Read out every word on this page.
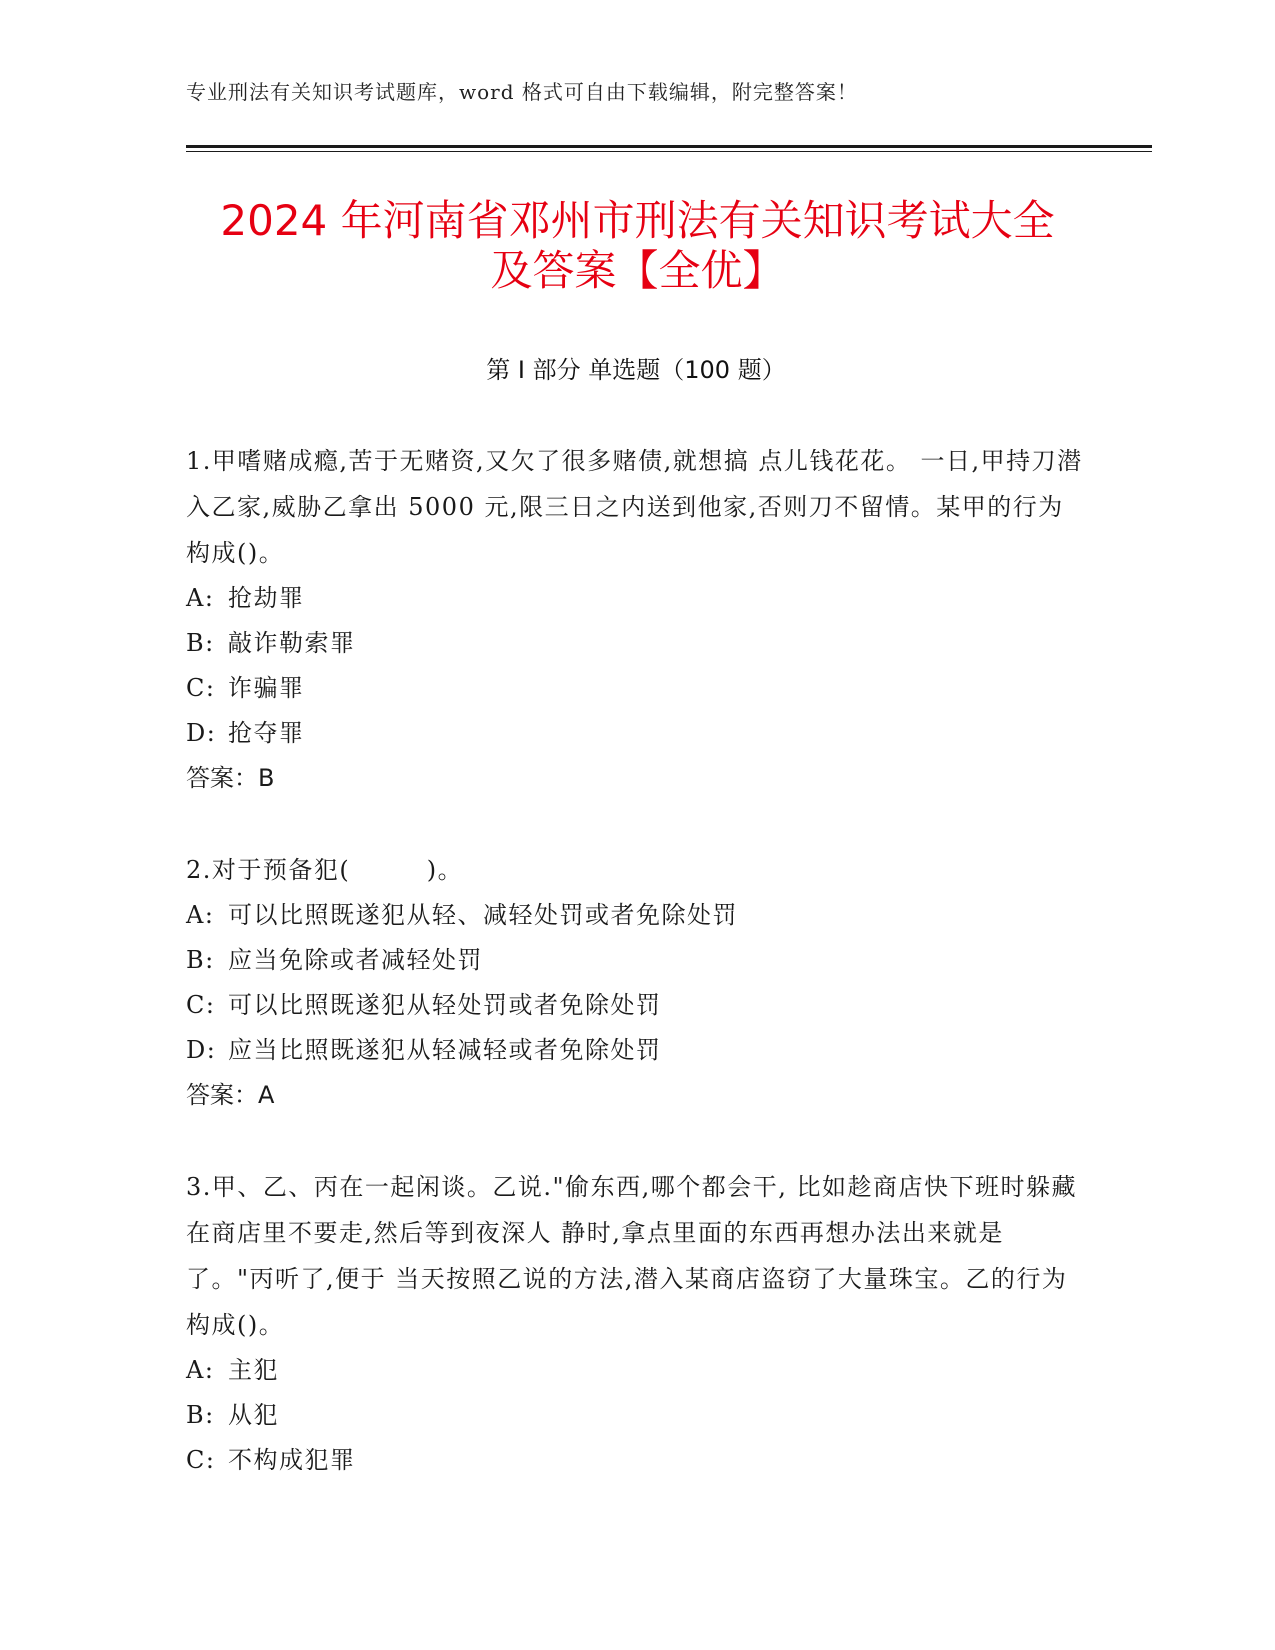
专业刑法有关知识考试题库，word 格式可自由下载编辑，附完整答案！
2024 年河南省邓州市刑法有关知识考试大全
及答案【全优】
第 I 部分 单选题（100 题）

1.甲嗜赌成瘾,苦于无赌资,又欠了很多赌债,就想搞 点儿钱花花。 一日,甲持刀潜入乙家,威胁乙拿出 5000 元,限三日之内送到他家,否则刀不留情。某甲的行为构成()。

A: 抢劫罪
B: 敲诈勒索罪
C: 诈骗罪
D: 抢夺罪
答案：B

2.对于预备犯(　　　)。

A: 可以比照既遂犯从轻、减轻处罚或者免除处罚
B: 应当免除或者减轻处罚
C: 可以比照既遂犯从轻处罚或者免除处罚
D: 应当比照既遂犯从轻减轻或者免除处罚
答案：A

3.甲、乙、丙在一起闲谈。乙说."偷东西,哪个都会干, 比如趁商店快下班时躲藏在商店里不要走,然后等到夜深人 静时,拿点里面的东西再想办法出来就是了。"丙听了,便于 当天按照乙说的方法,潜入某商店盗窃了大量珠宝。乙的行为构成()。

A: 主犯
B: 从犯
C: 不构成犯罪
